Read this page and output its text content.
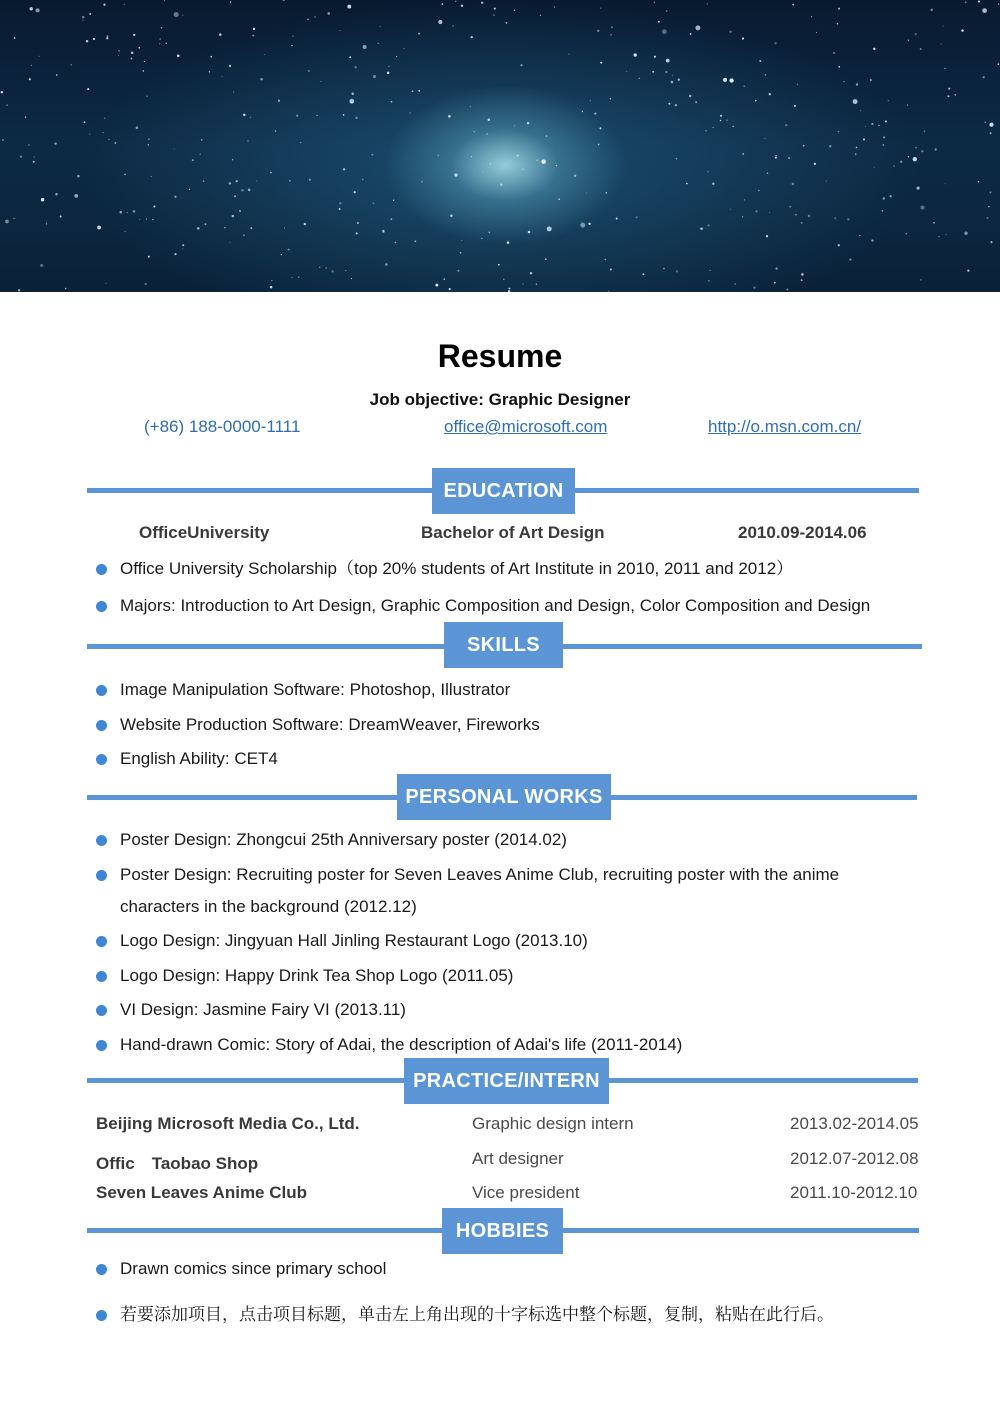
Resume
Job objective: Graphic Designer
(+86) 188-0000-1111	office@microsoft.com	http://o.msn.com.cn/
EDUCATION
OfficeUniversity	Bachelor of Art Design	2010.09-2014.06
Office University Scholarship（top 20% students of Art Institute in 2010, 2011 and 2012）
Majors: Introduction to Art Design, Graphic Composition and Design, Color Composition and Design
SKILLS
Image Manipulation Software: Photoshop, Illustrator
Website Production Software: DreamWeaver, Fireworks
English Ability: CET4
PERSONAL WORKS
Poster Design: Zhongcui 25th Anniversary poster (2014.02)
Poster Design: Recruiting poster for Seven Leaves Anime Club, recruiting poster with the anime characters in the background (2012.12)
Logo Design: Jingyuan Hall Jinling Restaurant Logo (2013.10)
Logo Design: Happy Drink Tea Shop Logo (2011.05)
VI Design: Jasmine Fairy VI (2013.11)
Hand-drawn Comic: Story of Adai, the description of Adai's life (2011-2014)
PRACTICE/INTERN
Beijing Microsoft Media Co., Ltd.	Graphic design intern	2013.02-2014.05
Offic　Taobao Shop	Art designer	2012.07-2012.08
Seven Leaves Anime Club	Vice president	2011.10-2012.10
HOBBIES
Drawn comics since primary school
若要添加项目，点击项目标题，单击左上角出现的十字标选中整个标题，复制，粘贴在此行后。
